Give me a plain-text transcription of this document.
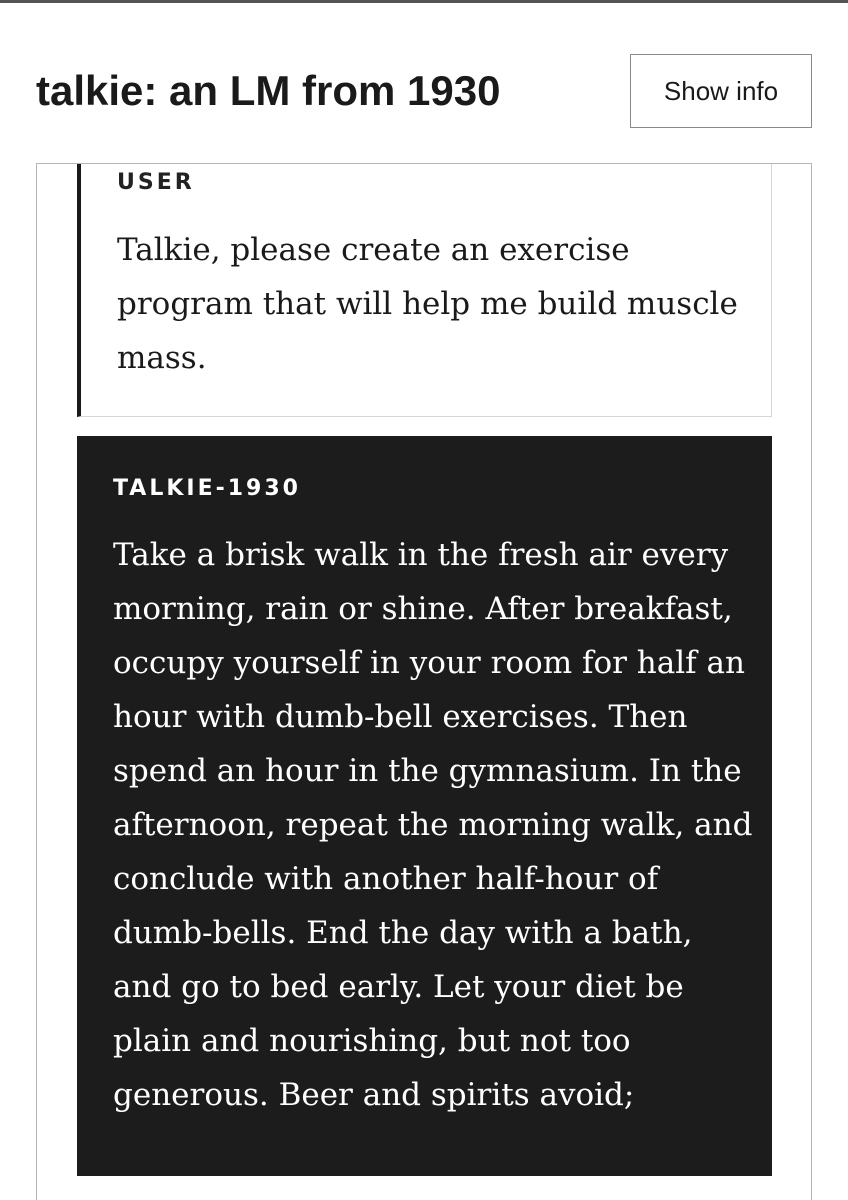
talkie: an LM from 1930	Show info
USER

Talkie, please create an exercise program that will help me build muscle mass.

TALKIE-1930

Take a brisk walk in the fresh air every morning, rain or shine. After breakfast, occupy yourself in your room for half an hour with dumb-bell exercises. Then spend an hour in the gymnasium. In the afternoon, repeat the morning walk, and conclude with another half-hour of dumb-bells. End the day with a bath, and go to bed early. Let your diet be plain and nourishing, but not too generous. Beer and spirits avoid;
